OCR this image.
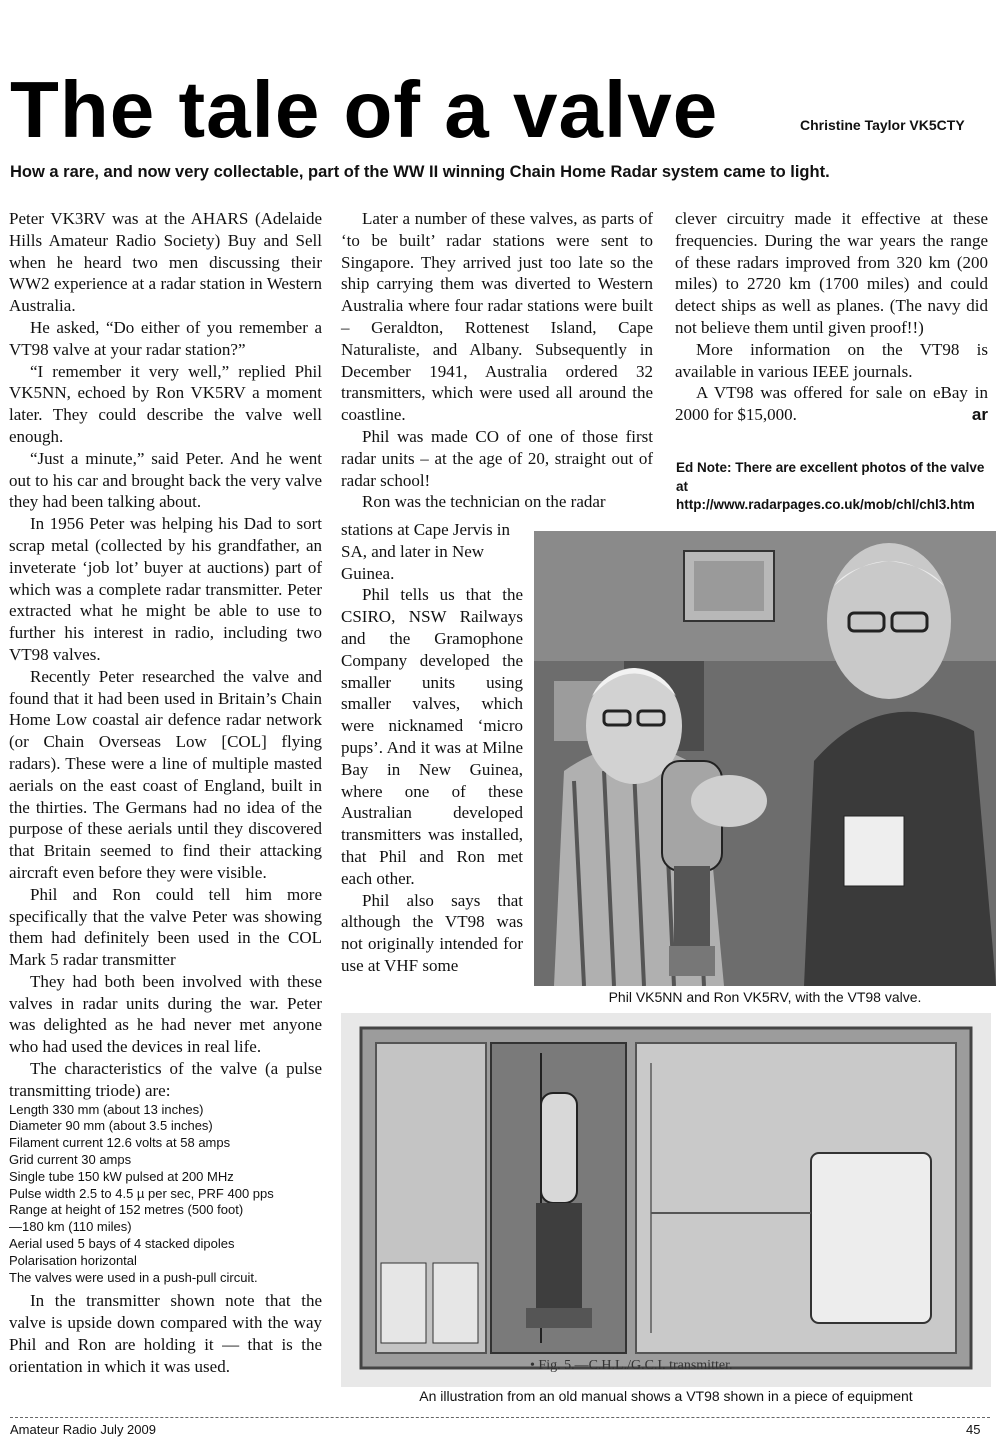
The tale of a valve	Christine Taylor VK5CTY
How a rare, and now very collectable, part of the WW II winning Chain Home Radar system came to light.

Peter VK3RV was at the AHARS (Adelaide Hills Amateur Radio Society) Buy and Sell when he heard two men discussing their WW2 experience at a radar station in Western Australia.

He asked, “Do either of you remember a VT98 valve at your radar station?”

“I remember it very well,” replied Phil VK5NN, echoed by Ron VK5RV a moment later. They could describe the valve well enough.

“Just a minute,” said Peter. And he went out to his car and brought back the very valve they had been talking about.

In 1956 Peter was helping his Dad to sort scrap metal (collected by his grandfather, an inveterate ‘job lot’ buyer at auctions) part of which was a complete radar transmitter. Peter extracted what he might be able to use to further his interest in radio, including two VT98 valves.

Recently Peter researched the valve and found that it had been used in Britain’s Chain Home Low coastal air defence radar network (or Chain Overseas Low [COL] flying radars). These were a line of multiple masted aerials on the east coast of England, built in the thirties. The Germans had no idea of the purpose of these aerials until they discovered that Britain seemed to find their attacking aircraft even before they were visible.

Phil and Ron could tell him more specifically that the valve Peter was showing them had definitely been used in the COL Mark 5 radar transmitter

They had both been involved with these valves in radar units during the war. Peter was delighted as he had never met anyone who had used the devices in real life.

The characteristics of the valve (a pulse transmitting triode) are:

Length 330 mm (about 13 inches)
Diameter 90 mm (about 3.5 inches)
Filament current 12.6 volts at 58 amps
Grid current 30 amps
Single tube 150 kW pulsed at 200 MHz
Pulse width 2.5 to 4.5 µ per sec, PRF 400 pps
Range at height of 152 metres (500 foot)
—180 km (110 miles)
Aerial used 5 bays of 4 stacked dipoles
Polarisation horizontal
The valves were used in a push-pull circuit.

In the transmitter shown note that the valve is upside down compared with the way Phil and Ron are holding it — that is the orientation in which it was used.

Later a number of these valves, as parts of ‘to be built’ radar stations were sent to Singapore. They arrived just too late so the ship carrying them was diverted to Western Australia where four radar stations were built – Geraldton, Rottenest Island, Cape Naturaliste, and Albany. Subsequently in December 1941, Australia ordered 32 transmitters, which were used all around the coastline.

Phil was made CO of one of those first radar units – at the age of 20, straight out of radar school!

Ron was the technician on the radar

stations at Cape Jervis in SA, and later in New Guinea.

Phil tells us that the CSIRO, NSW Railways and the Gramophone Company developed the smaller units using smaller valves, which were nicknamed ‘micro pups’. And it was at Milne Bay in New Guinea, where one of these Australian developed transmitters was installed, that Phil and Ron met each other.

Phil also says that although the VT98 was not originally intended for use at VHF some

clever circuitry made it effective at these frequencies. During the war years the range of these radars improved from 320 km (200 miles) to 2720 km (1700 miles) and could detect ships as well as planes. (The navy did not believe them until given proof!!)

More information on the VT98 is available in various IEEE journals.

A VT98 was offered for sale on eBay in 2000 for $15,000.	ar

Ed Note: There are excellent photos of the valve at http://www.radarpages.co.uk/mob/chl/chl3.htm
Phil VK5NN and Ron VK5RV, with the VT98 valve.
• Fig. 5.—C.H.L./G.C.I. transmitter.
An illustration from an old manual shows a VT98 shown in a piece of equipment
Amateur Radio July 2009	45
